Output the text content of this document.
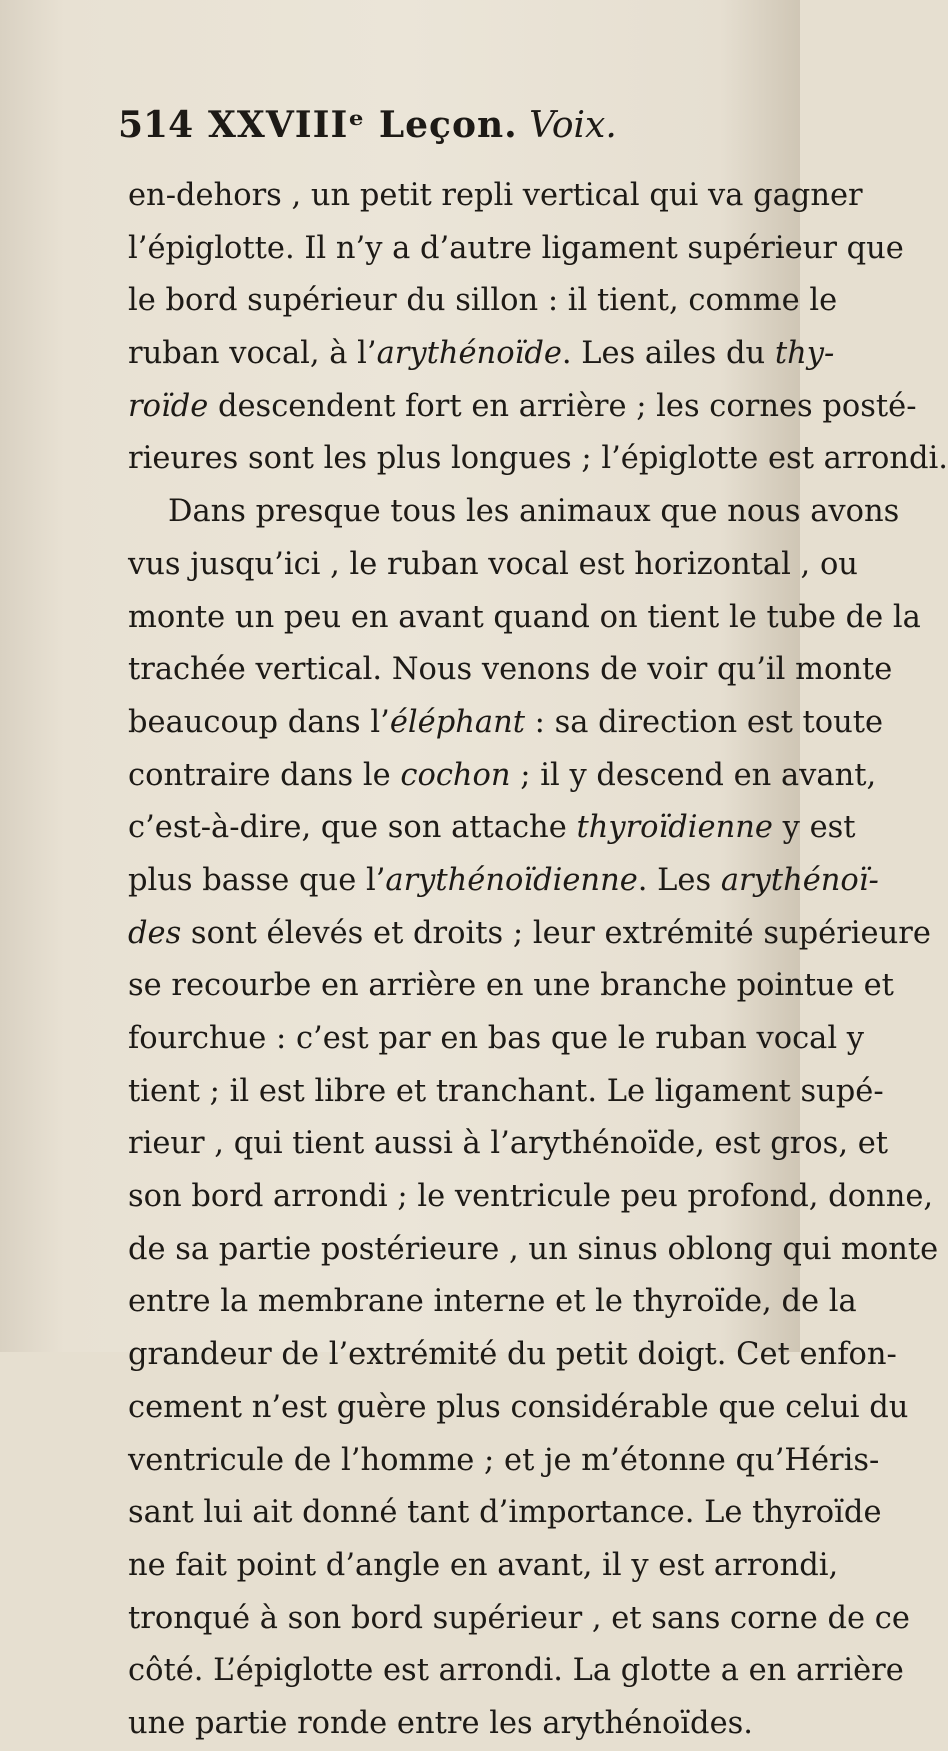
514 XXVIIIᵉ Leçon. Voix.
en-dehors , un petit repli vertical qui va gagner
l’épiglotte. Il n’y a d’autre ligament supérieur que
le bord supérieur du sillon : il tient, comme le
ruban vocal, à l’arythénoïde. Les ailes du thy-
roïde descendent fort en arrière ; les cornes posté-
rieures sont les plus longues ; l’épiglotte est arrondi.
Dans presque tous les animaux que nous avons
vus jusqu’ici , le ruban vocal est horizontal , ou
monte un peu en avant quand on tient le tube de la
trachée vertical. Nous venons de voir qu’il monte
beaucoup dans l’éléphant : sa direction est toute
contraire dans le cochon ; il y descend en avant,
c’est-à-dire, que son attache thyroïdienne y est
plus basse que l’arythénoïdienne. Les arythénoï-
des sont élevés et droits ; leur extrémité supérieure
se recourbe en arrière en une branche pointue et
fourchue : c’est par en bas que le ruban vocal y
tient ; il est libre et tranchant. Le ligament supé-
rieur , qui tient aussi à l’arythénoïde, est gros, et
son bord arrondi ; le ventricule peu profond, donne,
de sa partie postérieure , un sinus oblong qui monte
entre la membrane interne et le thyroïde, de la
grandeur de l’extrémité du petit doigt. Cet enfon-
cement n’est guère plus considérable que celui du
ventricule de l’homme ; et je m’étonne qu’Héris-
sant lui ait donné tant d’importance. Le thyroïde
ne fait point d’angle en avant, il y est arrondi,
tronqué à son bord supérieur , et sans corne de ce
côté. L’épiglotte est arrondi. La glotte a en arrière
une partie ronde entre les arythénoïdes.
